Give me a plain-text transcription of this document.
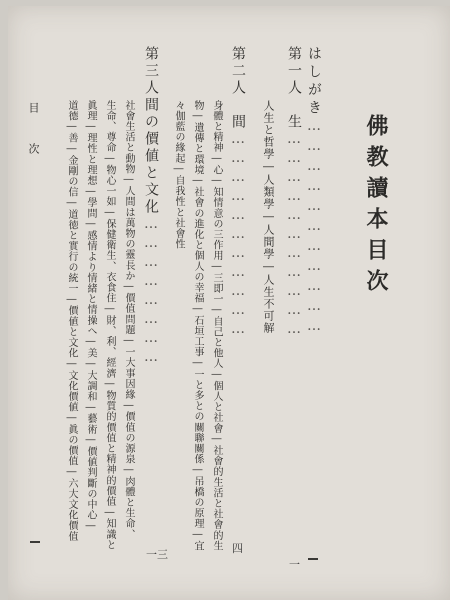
佛教讀本目次
はしがき……………………………
第一人　生……………………………
一
人生と哲學―人類學―人間學―人生不可解
第二人　間……………………………
四
身體と精神―心―知情意の三作用―三即一―自己と他人―個人と社會―社會的生活と社會的生
物―遺傳と環境―社會の進化と個人の幸福―石垣工事―一と多との關聯關係―吊橋の原理―宜
々伽藍の緣起―自我性と社會性
第三人間の價値と文化……………………
一三
社會生活と動物―人間は萬物の靈長か―價值問題―一大事因緣―價值の源泉―肉體と生命、
生命、尊命―物心一如―保健衛生、衣食住―財、利、經濟―物質的價值と精神的價值―知識と
眞理―理性と理想―學問―感情より情緒と情操へ―美―大調和―藝術―價値判斷の中心―
道德―善―金剛の信―道徳と實行の統一―價値と文化―文化價値―眞の價值―六大文化價值
目次
